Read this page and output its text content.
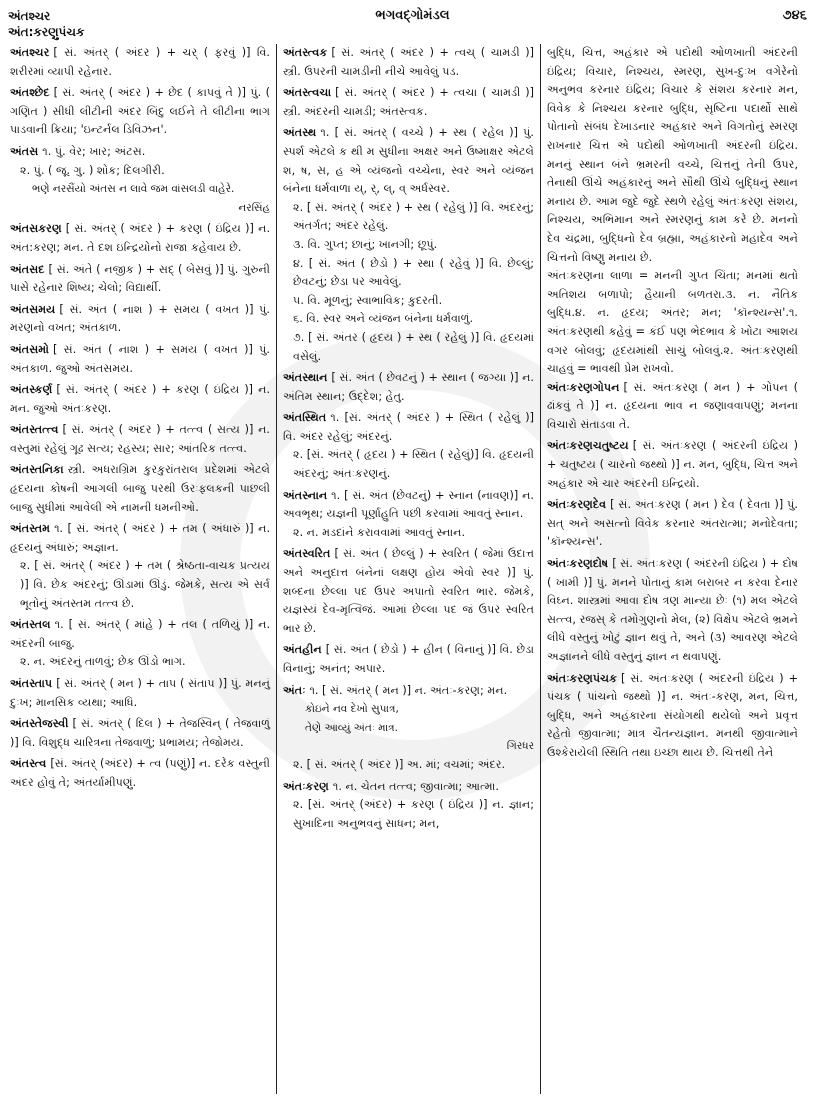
અંતશ્ચર
અંત:કરણુપંચક
ભગવદ્ગોમંડલ	૭૪૬
અંતશ્ચર [ સં. અંતર્ ( અંદર ) + ચર્ ( ફરવું )] વિ. શરીરમાં વ્યાપી રહેનાર.
અંતશ્છેદ [ સં. અંતર્ ( અંદર ) + છેદ ( કાપવું તે )] પું. ( ગણિત ) સીધી લીટીની અંદર બિંદુ લઈને તે લીટીના ભાગ પાડવાની ક્રિયા; 'ઇન્ટર્નલ ડિવિઝન'.
અંતસ ૧. પું. વેર; ખાર; અંટસ.
૨. પું. ( જૂ. ગુ. ) શોક; દિલગીરી.
ભણે નરસૈંયો અંતસ ન લાવે જમ વાંસલડી વાહેરે.
નરસિંહ
અંતસકરણ [ સં. અંતર્ ( અંદર ) + કરણ ( ઇંદ્રિય )] ન. અંત:કરણ; મન. તે દશ ઇન્દ્રિયોનો રાજા કહેવાય છે.
અંતસદ [ સં. અંતે ( નજીક ) + સદ્ ( બેસવું )] પું. ગુરુની પાસે રહેનાર શિષ્ય; ચેલો; વિદ્યાર્થી.
અંતસમય [ સં. અંત ( નાશ ) + સમય ( વખત )] પું. મરણનો વખત; અંતકાળ.
અંતસમો [ સં. અંત ( નાશ ) + સમય ( વખત )] પું. અંતકાળ. જુઓ અંતસમય.
અંતસ્કર્ણ [ સં. અંતર્ ( અંદર ) + કરણ ( ઇંદ્રિય )] ન. મન. જુઓ અંતઃકરણ.
અંતસ્તત્ત્વ [ સં. અંતર્ ( અંદર ) + તત્ત્વ ( સત્ય )] ન. વસ્તુમાં રહેલું ગૂઢ સત્ય; રહસ્ય; સાર; આંતરિક તત્ત્વ.
અંતસ્તનિકા સ્ત્રી. અધરાગ્રિમ કુરકુરાંતરાલ પ્રદેશમાં એટલે હૃદયના કોષની આગલી બાજુ પરથી ઉરઃફલકની પાછલી બાજુ સુધીમાં આવેલી એ નામની ધમનીઓ.
અંતસ્તમ ૧. [ સં. અંતર્ ( અંદર ) + તમ ( અંધારું )] ન. હૃદયનું અંધારું; અજ્ઞાન.
૨. [ સં. અંતર્ ( અંદર ) + તમ ( શ્રેષ્ઠતા-વાચક પ્રત્યય )] વિ. છેક અંદરનું; ઊંડામાં ઊંડું. જેમકે, સત્ય એ સર્વ ભૂતોનું અંતસ્તમ તત્ત્વ છે.
અંતસ્તલ ૧. [ સં. અંતર્ ( માંહે ) + તલ ( તળિયું )] ન. અંદરની બાજુ.
૨. ન. અંદરનું તાળવું; છેક ઊંડો ભાગ.
અંતસ્તાપ [ સં. અંતર્ ( મન ) + તાપ ( સંતાપ )] પું. મનનું દુઃખ; માનસિક વ્યથા; આધિ.
અંતસ્તેજસ્વી [ સં. અંતર્ ( દિલ ) + તેજસ્વિન્ ( તેજવાળું )] વિ. વિશુદ્ધ ચારિત્રના તેજવાળું; પ્રભામય; તેજોમય.
અંતસ્ત્વ [સં. અંતર્ (અંદર) + ત્વ (પણું)] ન. દરેક વસ્તુની અંદર હોવું તે; અંતર્યામીપણું.
અંતસ્ત્વક [ સં. અંતર્ ( અંદર ) + ત્વચ્ ( ચામડી )] સ્ત્રી. ઉપરની ચામડીની નીચે આવેલું પડ.
અંતસ્ત્વચા [ સં. અંતર્ ( અંદર ) + ત્વચા ( ચામડી )] સ્ત્રી. અંદરની ચામડી; અંતસ્ત્વક.
અંતસ્થ ૧. [ સં. અંતર્ ( વચ્ચે ) + સ્થ ( રહેલ )] પું. સ્પર્શ એટલે ક થી મ સુધીના અક્ષર અને ઉષ્માક્ષર એટલે શ, ષ, સ, હ એ વ્યંજનો વચ્ચેના, સ્વર અને વ્યંજન બંનેના ધર્મવાળા ય્, ર્, લ્, વ્ અર્ધસ્વર.
૨. [ સં. અંતર્ ( અંદર ) + સ્થ ( રહેલું )] વિ. અંદરનું; અંતર્ગત; અંદર રહેલું.
૩. વિ. ગુપ્ત; છાનું; ખાનગી; છૂપું.
૪. [ સં. અંત ( છેડો ) + સ્થા ( રહેવું )] વિ. છેલ્લું; છેવટનું; છેડા પર આવેલું.
૫. વિ. મૂળનું; સ્વાભાવિક; કુદરતી.
૬. વિ. સ્વર અને વ્યંજન બંનેના ધર્મવાળું.
૭. [ સં. અંતર ( હૃદય ) + સ્થ ( રહેલું )] વિ. હૃદયમાં વસેલું.
અંતસ્થાન [ સં. અંત ( છેવટનું ) + સ્થાન ( જગ્યા )] ન. અંતિમ સ્થાન; ઉદ્દેશ; હેતુ.
અંતસ્થિત ૧. [સં. અંતર્ ( અંદર ) + સ્થિત ( રહેલું )] વિ. અંદર રહેલું; અંદરનું.
૨. [સં. અંતર્ ( હૃદય ) + સ્થિત ( રહેલું)] વિ. હૃદયની અંદરનું; અંતઃકરણનું.
અંતસ્નાન ૧. [ સં. અંત (છેવટનું) + સ્નાન (નાવણ)] ન. અવભૃથ; યજ્ઞની પૂર્ણાહુતિ પછી કરવામાં આવતું સ્નાન.
૨. ન. મડદાંને કરાવવામાં આવતું સ્નાન.
અંતસ્વરિત [ સં. અંત ( છેલ્લું ) + સ્વરિત ( જેમાં ઉદાત્ત અને અનુદાત્ત બંનેનાં લક્ષણ હોય એવો સ્વર )] પું. શબ્દના છેલ્લા પદ ઉપર અપાતો સ્વરિત ભાર. જેમકે, યજ્ઞસ્યં દેવ-મૃત્વિજં. આમાં છેલ્લા પદ જં ઉપર સ્વરિત ભાર છે.
અંતહીન [ સં. અંત ( છેડો ) + હીન ( વિનાનું )] વિ. છેડા વિનાનું; અનંત; અપાર.
અંતઃ ૧. [ સં. અંતર્ ( મન )] ન. અંતઃ-કરણ; મન.
કોઇને નવ દેખો સુપાત્ર,
તેણે આવ્યું અંતઃ માત્ર.
ગિરધર
૨. [ સં. અંતર્ ( અંદર )] અ. માં; વચમાં; અંદર.
અંતઃકરણ ૧. ન. ચેતન તત્ત્વ; જીવાત્મા; આત્મા.
૨. [સં. અંતર્ (અંદર) + કરણ ( ઇંદ્રિય )] ન. જ્ઞાન; સુખાદિના અનુભવનું સાધન; મન,
બુદ્ધિ, ચિત્ત, અહંકાર એ પદોથી ઓળખાતી અંદરની ઇંદ્રિય; વિચાર, નિશ્ચય, સ્મરણ, સુખ-દુઃખ વગેરેનો અનુભવ કરનાર ઇંદ્રિય; વિચાર કે સંશય કરનાર મન, વિવેક કે નિશ્ચય કરનાર બુદ્ધિ, સૃષ્ટિના પદાર્થો સાથે પોતાનો સંબંધ દેખાડનાર અહંકાર અને વિગતોનું સ્મરણ રાખનાર ચિત્ત એ પદોથી ઓળખાતી અંદરની ઇંદ્રિય. મનનું સ્થાન બંને ભ્રમરની વચ્ચે, ચિત્તનું તેની ઉપર, તેનાથી ઊંચે અહંકારનું અને સૌથી ઊંચે બુદ્ધિનું સ્થાન મનાય છે. આમ જુદે જુદે સ્થળે રહેલું અંતઃકરણ સંશય, નિશ્ચય, અભિમાન અને સ્મરણનું કામ કરે છે. મનનો દેવ ચંદ્રમા, બુદ્ધિનો દેવ બ્રહ્મા, અહંકારનો મહાદેવ અને ચિત્તનો વિષ્ણુ મનાય છે.
અંતઃકરણના લાળા = મનની ગુપ્ત ચિંતા; મનમાં થતો અતિશય બળાપો; હૈયાની બળતરા.૩. ન. નૈતિક બુદ્ધિ.૪. ન. હૃદય; અંતર; મન; 'કૉન્શ્યન્સ'.૧. અંતઃકરણથી કહેવું = કંઈ પણ ભેદભાવ કે ખોટા આશય વગર બોલવું; હૃદયમાંથી સાચું બોલવું.૨. અંતઃકરણથી ચાહવું = ભાવથી પ્રેમ રાખવો.
અંતઃકરણગોપન [ સં. અંતઃકરણ ( મન ) + ગોપન ( ઢાંકવું તે )] ન. હૃદયના ભાવ ન જણાવવાપણું; મનના વિચારો સંતાડવા તે.
અંતઃકરણચતુષ્ટય [ સં. અંતઃકરણ ( અંદરની ઇંદ્રિય ) + ચતુષ્ટય ( ચારનો જથ્થો )] ન. મન, બુદ્ધિ, ચિત્ત અને અહંકાર એ ચાર અંદરની ઇન્દ્રિયો.
અંતઃકરણદેવ [ સં. અંતઃકરણ ( મન ) દેવ ( દેવતા )] પું. સત્ અને અસત્નો વિવેક કરનાર અંતરાત્મા; મનોદેવતા; 'કૉન્શ્યન્સ'.
અંતઃકરણદોષ [ સં. અંતઃકરણ ( અંદરની ઇંદ્રિય ) + દોષ ( ખામી )] પું. મનને પોતાનું કામ બરાબર ન કરવા દેનાર વિઘ્ન. શાસ્ત્રમાં આવા દોષ ત્રણ માન્યા છેઃ (૧) મલ એટલે સત્ત્વ, રજસ્ કે તમોગુણનો મેલ, (૨) વિક્ષેપ એટલે ભ્રમને લીધે વસ્તુનું ખોટું જ્ઞાન થવું તે, અને (૩) આવરણ એટલે અજ્ઞાનને લીધે વસ્તુનું જ્ઞાન ન થવાપણું.
અંતઃકરણપંચક [ સં. અંતઃકરણ ( અંદરની ઇંદ્રિય ) + પંચક ( પાંચનો જથ્થો )] ન. અંતઃ-કરણ, મન, ચિત્ત, બુદ્ધિ, અને અહંકારના સંયોગથી થયેલો અને પ્રવૃત્ત રહેતો જીવાત્મા; માત્ર ચૈતન્યજ્ઞાન. મનથી જીવાત્માને ઉશ્કેરાયેલી સ્થિતિ તથા ઇચ્છા થાય છે. ચિત્તથી તેને
